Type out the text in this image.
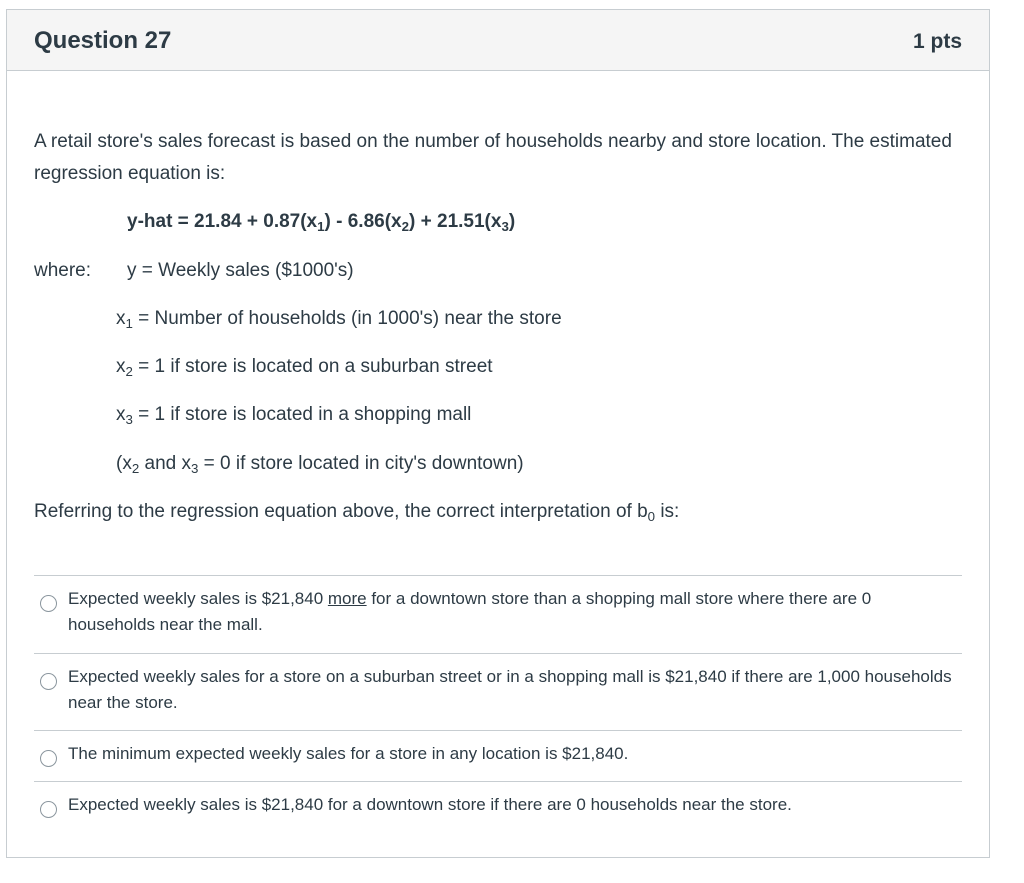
Question 27	1 pts

A retail store's sales forecast is based on the number of households nearby and store location. The estimated regression equation is:

$y-hat = 21.84 + 0.87(x_1) - 6.86(x_2) + 21.51(x_3)$
where: y = Weekly sales ($1000's)
$x_1$ = Number of households (in 1000's) near the store
$x_2 = 1$ if store is located on a suburban street
$x_3 = 1$ if store is located in a shopping mall
($x_2$ and $x_3 = 0$ if store located in city's downtown)
Referring to the regression equation above, the correct interpretation of $b_0$ is:
Expected weekly sales is $21,840 more for a downtown store than a shopping mall store where there are 0 households near the mall.
Expected weekly sales for a store on a suburban street or in a shopping mall is $21,840 if there are 1,000 households near the store.
The minimum expected weekly sales for a store in any location is $21,840.
Expected weekly sales is $21,840 for a downtown store if there are 0 households near the store.
